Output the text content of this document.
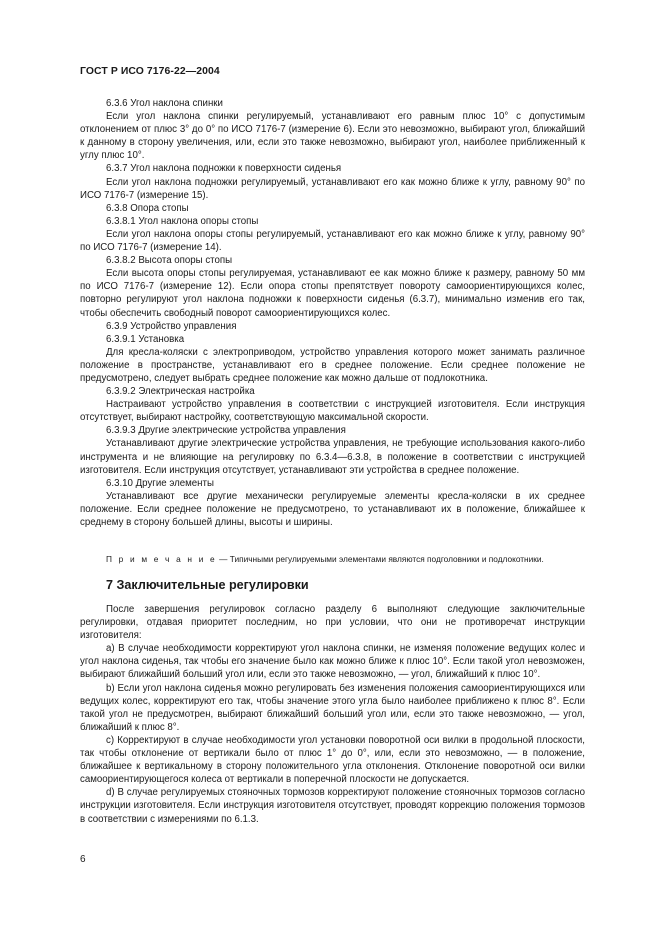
ГОСТ Р ИСО 7176-22—2004

6.3.6 Угол наклона спинки

Если угол наклона спинки регулируемый, устанавливают его равным плюс 10° с допустимым отклонением от плюс 3° до 0° по ИСО 7176-7 (измерение 6). Если это невозможно, выбирают угол, ближайший к данному в сторону увеличения, или, если это также невозможно, выбирают угол, наиболее приближенный к углу плюс 10°.

6.3.7 Угол наклона подножки к поверхности сиденья

Если угол наклона подножки регулируемый, устанавливают его как можно ближе к углу, равному 90° по ИСО 7176-7 (измерение 15).

6.3.8 Опора стопы

6.3.8.1 Угол наклона опоры стопы

Если угол наклона опоры стопы регулируемый, устанавливают его как можно ближе к углу, равному 90° по ИСО 7176-7 (измерение 14).

6.3.8.2 Высота опоры стопы

Если высота опоры стопы регулируемая, устанавливают ее как можно ближе к размеру, равному 50 мм по ИСО 7176-7 (измерение 12). Если опора стопы препятствует повороту самоориентирующихся колес, повторно регулируют угол наклона подножки к поверхности сиденья (6.3.7), минимально изменив его так, чтобы обеспечить свободный поворот самоориентирующихся колес.

6.3.9 Устройство управления

6.3.9.1 Установка

Для кресла-коляски с электроприводом, устройство управления которого может занимать различное положение в пространстве, устанавливают его в среднее положение. Если среднее положение не предусмотрено, следует выбрать среднее положение как можно дальше от подлокотника.

6.3.9.2 Электрическая настройка

Настраивают устройство управления в соответствии с инструкцией изготовителя. Если инструкция отсутствует, выбирают настройку, соответствующую максимальной скорости.

6.3.9.3 Другие электрические устройства управления

Устанавливают другие электрические устройства управления, не требующие использования какого-либо инструмента и не влияющие на регулировку по 6.3.4—6.3.8, в положение в соответствии с инструкцией изготовителя. Если инструкция отсутствует, устанавливают эти устройства в среднее положение.

6.3.10 Другие элементы

Устанавливают все другие механически регулируемые элементы кресла-коляски в их среднее положение. Если среднее положение не предусмотрено, то устанавливают их в положение, ближайшее к среднему в сторону большей длины, высоты и ширины.

П р и м е ч а н и е — Типичными регулируемыми элементами являются подголовники и подлокотники.

7 Заключительные регулировки

После завершения регулировок согласно разделу 6 выполняют следующие заключительные регулировки, отдавая приоритет последним, но при условии, что они не противоречат инструкции изготовителя:

a) В случае необходимости корректируют угол наклона спинки, не изменяя положение ведущих колес и угол наклона сиденья, так чтобы его значение было как можно ближе к плюс 10°. Если такой угол невозможен, выбирают ближайший больший угол или, если это также невозможно, — угол, ближайший к плюс 10°.

b) Если угол наклона сиденья можно регулировать без изменения положения самоориентирующихся или ведущих колес, корректируют его так, чтобы значение этого угла было наиболее приближено к плюс 8°. Если такой угол не предусмотрен, выбирают ближайший больший угол или, если это также невозможно, — угол, ближайший к плюс 8°.

c) Корректируют в случае необходимости угол установки поворотной оси вилки в продольной плоскости, так чтобы отклонение от вертикали было от плюс 1° до 0°, или, если это невозможно, — в положение, ближайшее к вертикальному в сторону положительного угла отклонения. Отклонение поворотной оси вилки самоориентирующегося колеса от вертикали в поперечной плоскости не допускается.

d) В случае регулируемых стояночных тормозов корректируют положение стояночных тормозов согласно инструкции изготовителя. Если инструкция изготовителя отсутствует, проводят коррекцию положения тормозов в соответствии с измерениями по 6.1.3.

6
